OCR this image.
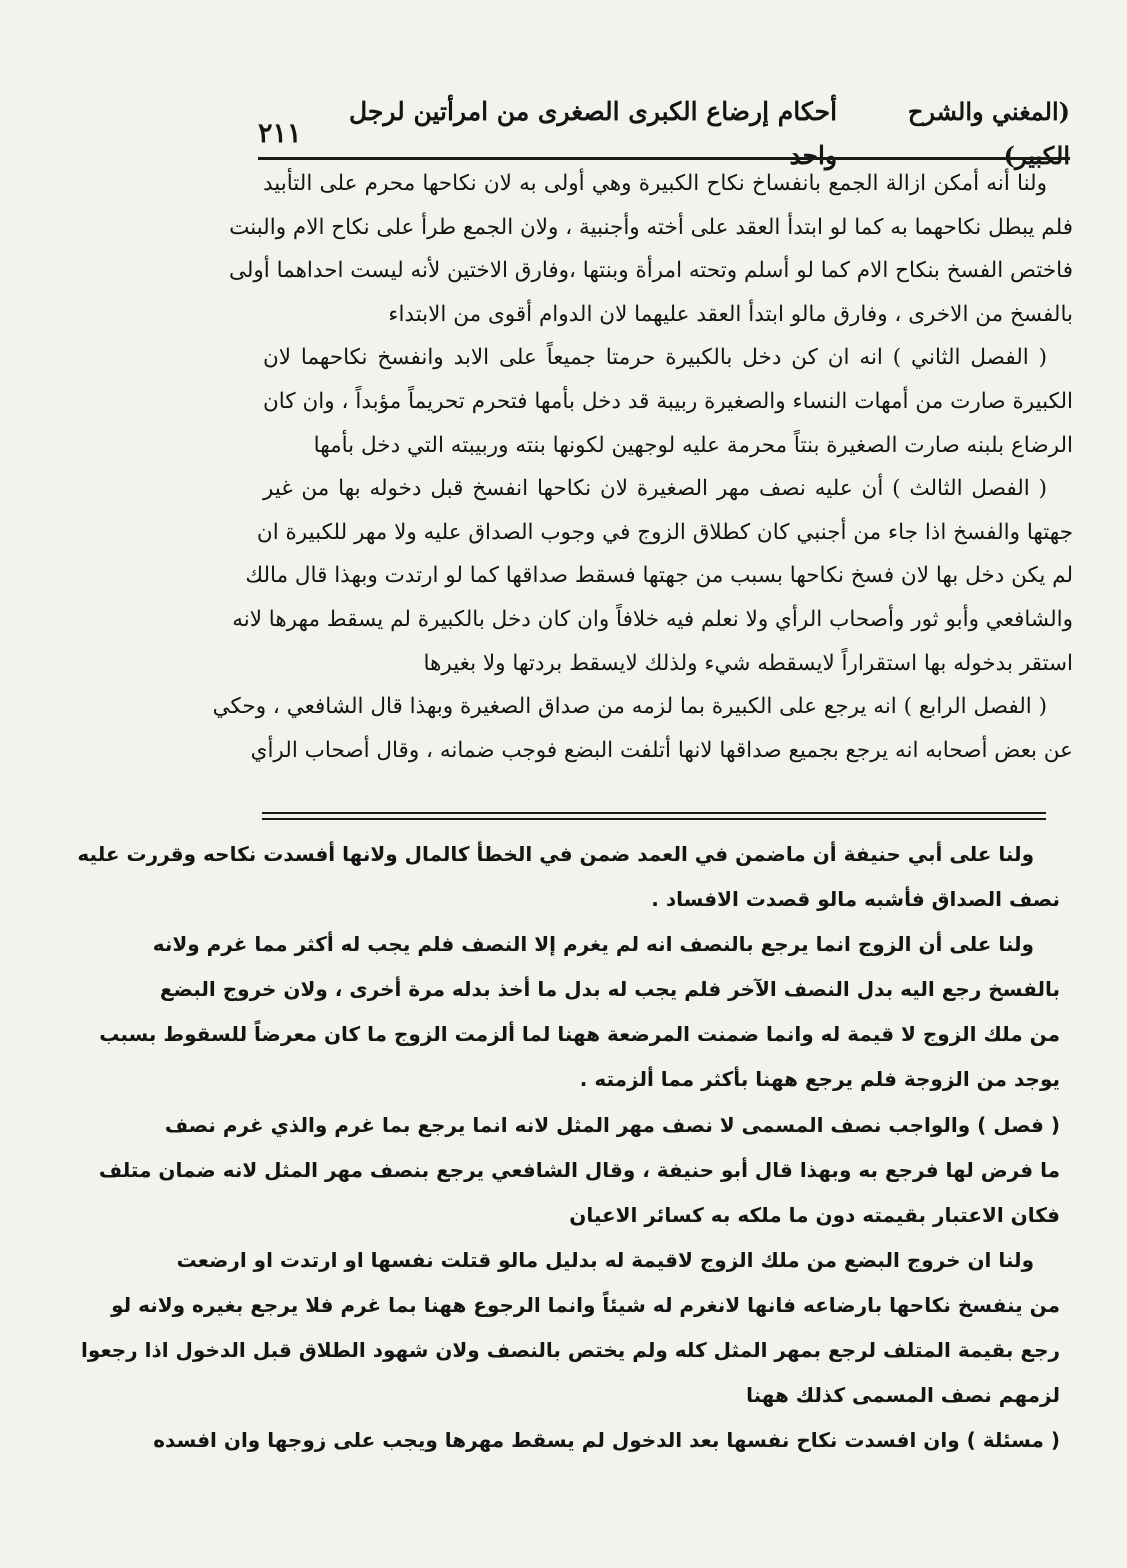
(المغني والشرح الكبير)
أحكام إرضاع الكبرى الصغرى من امرأتين لرجل واحد
٢١١
ولنا أنه أمكن ازالة الجمع بانفساخ نكاح الكبيرة وهي أولى به لان نكاحها محرم على التأبيد
فلم يبطل نكاحهما به كما لو ابتدأ العقد على أخته وأجنبية ، ولان الجمع طرأ على نكاح الام والبنت
فاختص الفسخ بنكاح الام كما لو أسلم وتحته امرأة وبنتها ،وفارق الاختين لأنه ليست احداهما أولى
بالفسخ من الاخرى ، وفارق مالو ابتدأ العقد عليهما لان الدوام أقوى من الابتداء
( الفصل الثاني ) انه ان كن دخل بالكبيرة حرمتا جميعاً على الابد وانفسخ نكاحهما لان
الكبيرة صارت من أمهات النساء والصغيرة ربيبة قد دخل بأمها فتحرم تحريماً مؤبداً ، وان كان
الرضاع بلبنه صارت الصغيرة بنتاً محرمة عليه لوجهين لكونها بنته وربيبته التي دخل بأمها
( الفصل الثالث ) أن عليه نصف مهر الصغيرة لان نكاحها انفسخ قبل دخوله بها من غير
جهتها والفسخ اذا جاء من أجنبي كان كطلاق الزوج في وجوب الصداق عليه ولا مهر للكبيرة ان
لم يكن دخل بها لان فسخ نكاحها بسبب من جهتها فسقط صداقها كما لو ارتدت وبهذا قال مالك
والشافعي وأبو ثور وأصحاب الرأي ولا نعلم فيه خلافاً وان كان دخل بالكبيرة لم يسقط مهرها لانه
استقر بدخوله بها استقراراً لايسقطه شيء ولذلك لايسقط بردتها ولا بغيرها
( الفصل الرابع ) انه يرجع على الكبيرة بما لزمه من صداق الصغيرة وبهذا قال الشافعي ، وحكي
عن بعض أصحابه انه يرجع بجميع صداقها لانها أتلفت البضع فوجب ضمانه ، وقال أصحاب الرأي
ولنا على أبي حنيفة أن ماضمن في العمد ضمن في الخطأ كالمال ولانها أفسدت نكاحه وقررت عليه
نصف الصداق فأشبه مالو قصدت الافساد .
ولنا على أن الزوج انما يرجع بالنصف انه لم يغرم إلا النصف فلم يجب له أكثر مما غرم ولانه
بالفسخ رجع اليه بدل النصف الآخر فلم يجب له بدل ما أخذ بدله مرة أخرى ، ولان خروج البضع
من ملك الزوج لا قيمة له وانما ضمنت المرضعة ههنا لما ألزمت الزوج ما كان معرضاً للسقوط بسبب
يوجد من الزوجة فلم يرجع ههنا بأكثر مما ألزمته .
( فصل ) والواجب نصف المسمى لا نصف مهر المثل لانه انما يرجع بما غرم والذي غرم نصف
ما فرض لها فرجع به وبهذا قال أبو حنيفة ، وقال الشافعي يرجع بنصف مهر المثل لانه ضمان متلف
فكان الاعتبار بقيمته دون ما ملكه به كسائر الاعيان
ولنا ان خروج البضع من ملك الزوج لاقيمة له بدليل مالو قتلت نفسها او ارتدت او ارضعت
من ينفسخ نكاحها بارضاعه فانها لانغرم له شيئاً وانما الرجوع ههنا بما غرم فلا يرجع بغيره ولانه لو
رجع بقيمة المتلف لرجع بمهر المثل كله ولم يختص بالنصف ولان شهود الطلاق قبل الدخول اذا رجعوا
لزمهم نصف المسمى كذلك ههنا
( مسئلة ) وان افسدت نكاح نفسها بعد الدخول لم يسقط مهرها ويجب على زوجها وان افسده
